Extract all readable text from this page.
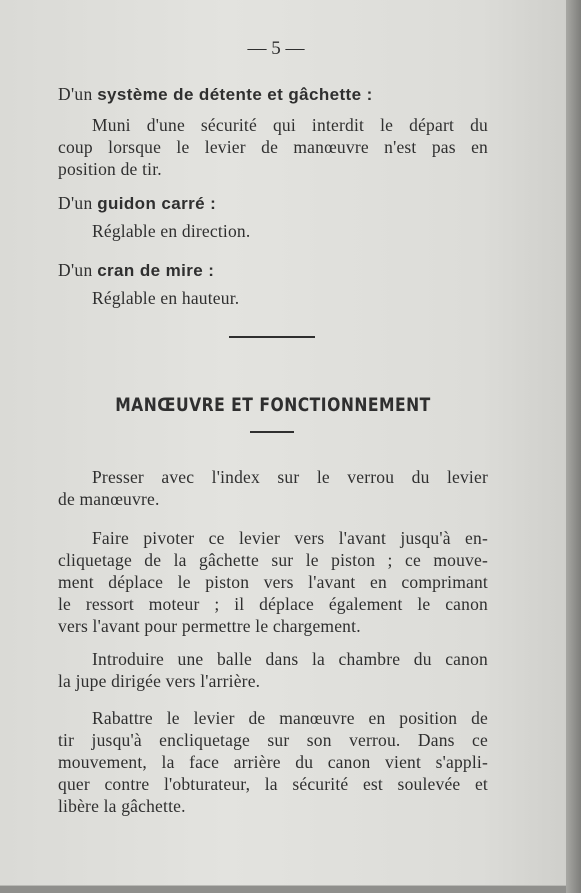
— 5 —
D'un système de détente et gâchette :
Muni d'une sécurité qui interdit le départ du
coup lorsque le levier de manœuvre n'est pas en
position de tir.
D'un guidon carré :
Réglable en direction.
D'un cran de mire :
Réglable en hauteur.
MANŒUVRE ET FONCTIONNEMENT
Presser avec l'index sur le verrou du levier
de manœuvre.
Faire pivoter ce levier vers l'avant jusqu'à en-
cliquetage de la gâchette sur le piston ; ce mouve-
ment déplace le piston vers l'avant en comprimant
le ressort moteur ; il déplace également le canon
vers l'avant pour permettre le chargement.
Introduire une balle dans la chambre du canon
la jupe dirigée vers l'arrière.
Rabattre le levier de manœuvre en position de
tir jusqu'à encliquetage sur son verrou. Dans ce
mouvement, la face arrière du canon vient s'appli-
quer contre l'obturateur, la sécurité est soulevée et
libère la gâchette.
